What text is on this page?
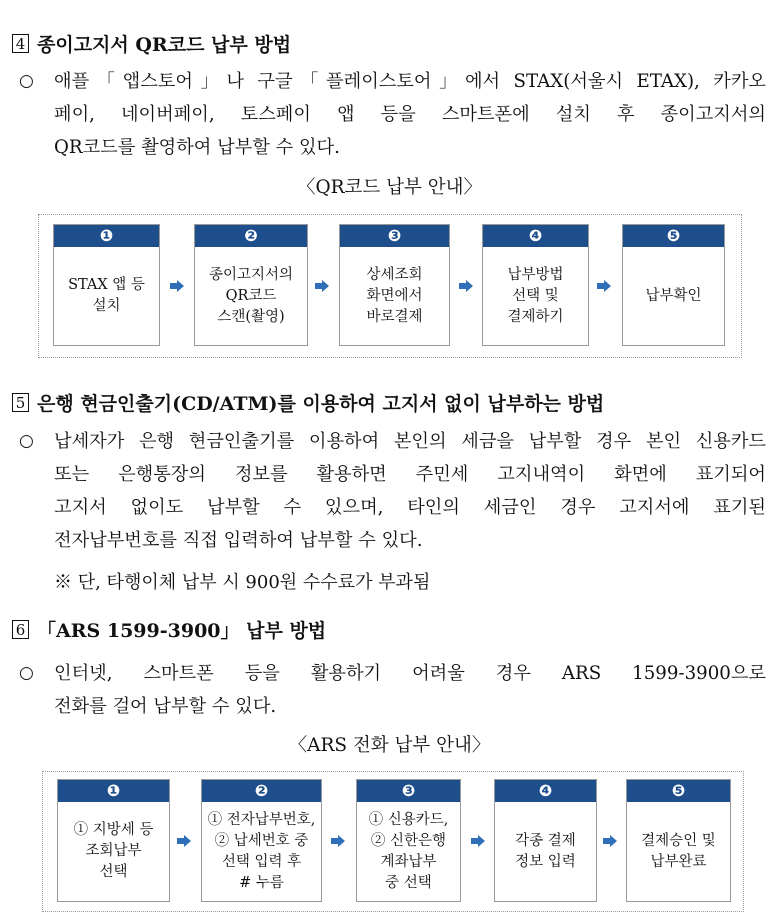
4 종이고지서 QR코드 납부 방법
○ 애플「앱스토어」나 구글「플레이스토어」에서 STAX(서울시 ETAX), 카카오

페이, 네이버페이, 토스페이 앱 등을 스마트폰에 설치 후 종이고지서의

QR코드를 촬영하여 납부할 수 있다.

〈QR코드 납부 안내〉

❶
STAX 앱 등
설치
❷
종이고지서의
QR코드
스캔(촬영)
❸
상세조회
화면에서
바로결제
❹
납부방법
선택 및
결제하기
❺
납부확인
5 은행 현금인출기(CD/ATM)를 이용하여 고지서 없이 납부하는 방법
○ 납세자가 은행 현금인출기를 이용하여 본인의 세금을 납부할 경우 본인 신용카드

또는 은행통장의 정보를 활용하면 주민세 고지내역이 화면에 표기되어

고지서 없이도 납부할 수 있으며, 타인의 세금인 경우 고지서에 표기된

전자납부번호를 직접 입력하여 납부할 수 있다.

※ 단, 타행이체 납부 시 900원 수수료가 부과됨

6 「ARS 1599-3900」 납부 방법
○ 인터넷, 스마트폰 등을 활용하기 어려울 경우 ARS 1599-3900으로

전화를 걸어 납부할 수 있다.

〈ARS 전화 납부 안내〉

❶
① 지방세 등
조회납부
선택
❷
① 전자납부번호,
② 납세번호 중
선택 입력 후
# 누름
❸
① 신용카드,
② 신한은행
계좌납부
중 선택
❹
각종 결제
정보 입력
❺
결제승인 및
납부완료
